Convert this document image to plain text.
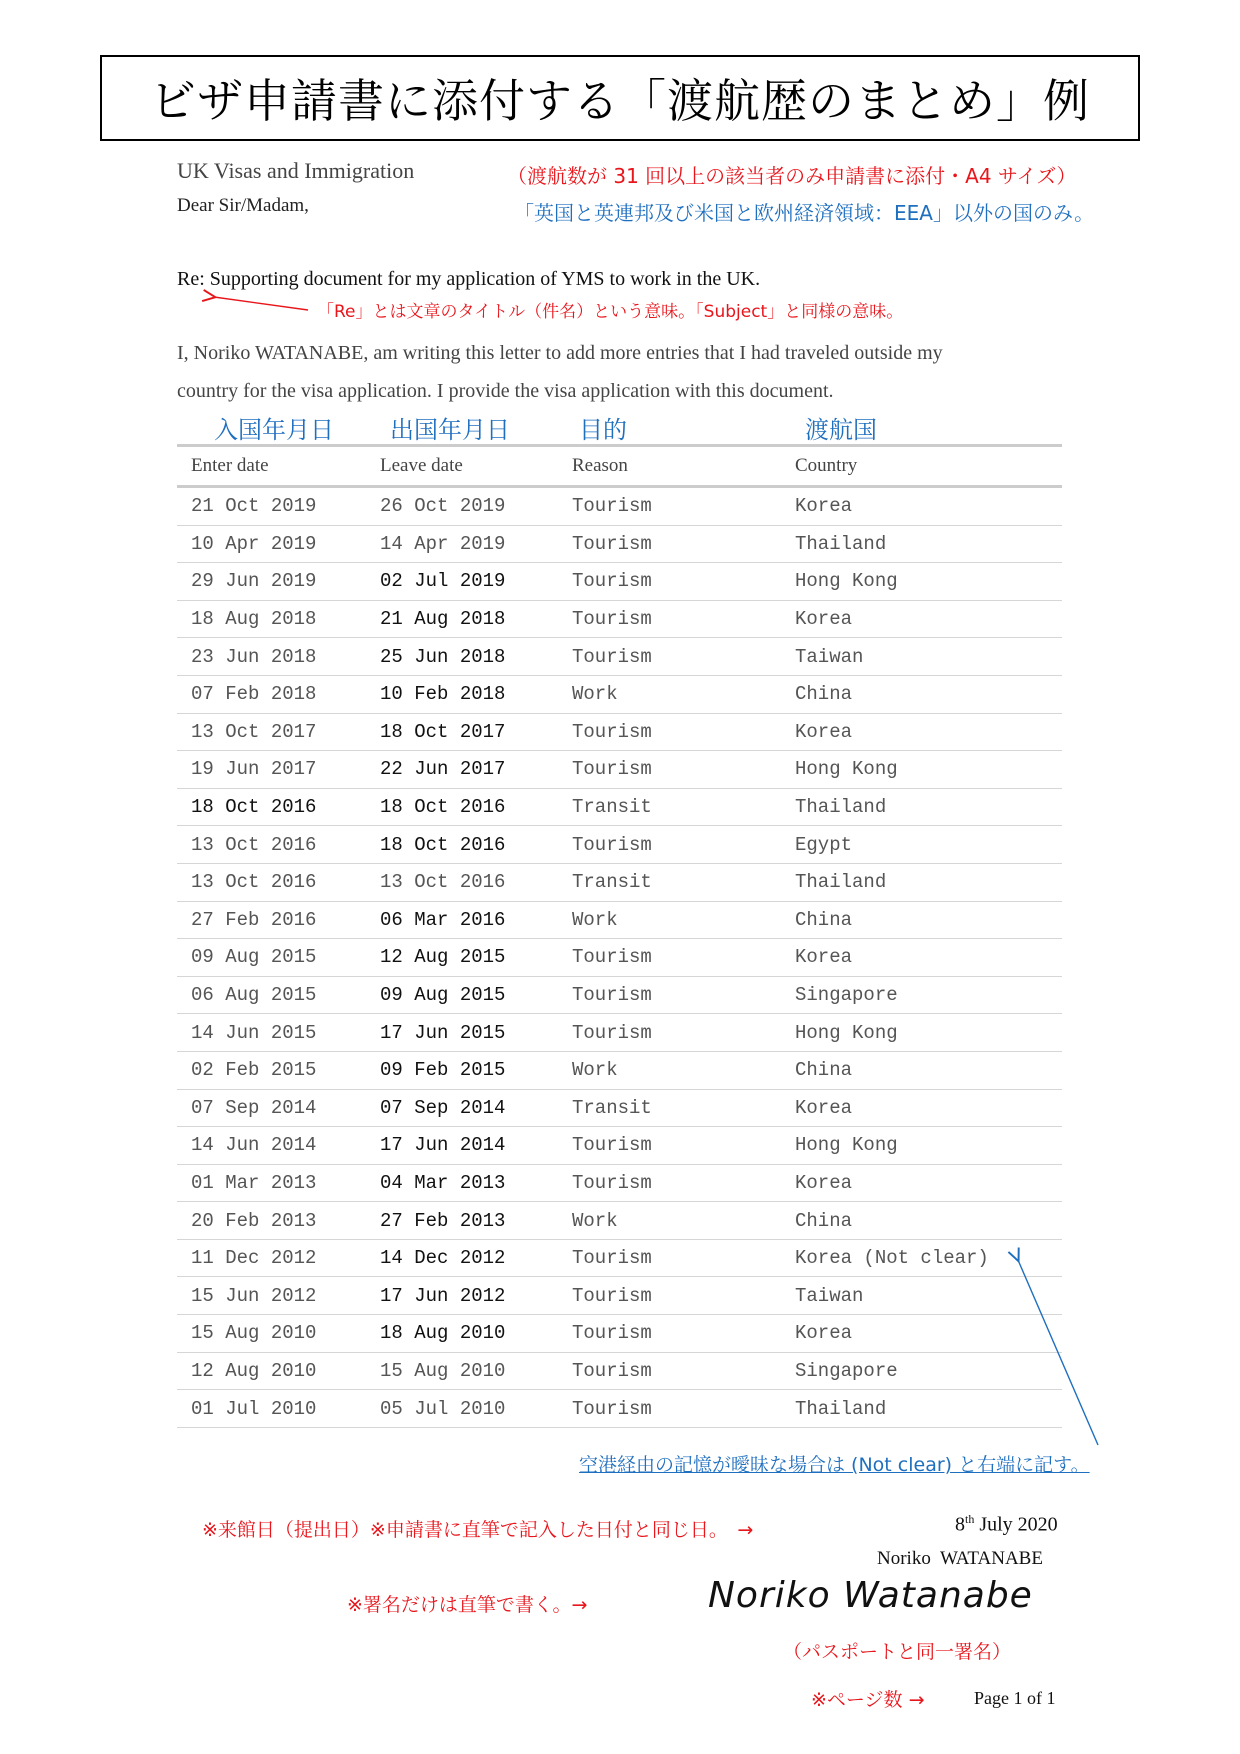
ビザ申請書に添付する「渡航歴のまとめ」例
UK Visas and Immigration
Dear Sir/Madam,
（渡航数が 31 回以上の該当者のみ申請書に添付・A4 サイズ）
「英国と英連邦及び米国と欧州経済領域：EEA」以外の国のみ。
Re: Supporting document for my application of YMS to work in the UK.
「Re」とは文章のタイトル（件名）という意味。「Subject」と同様の意味。
I, Noriko WATANABE, am writing this letter to add more entries that I had traveled outside my
country for the visa application. I provide the visa application with this document.
入国年月日 出国年月日	目的	渡航国
Enter date	Leave date	Reason	Country
21 Oct 2019	26 Oct 2019	Tourism	Korea
10 Apr 2019	14 Apr 2019	Tourism	Thailand
29 Jun 2019	02 Jul 2019	Tourism	Hong Kong
18 Aug 2018	21 Aug 2018	Tourism	Korea
23 Jun 2018	25 Jun 2018	Tourism	Taiwan
07 Feb 2018	10 Feb 2018	Work	China
13 Oct 2017	18 Oct 2017	Tourism	Korea
19 Jun 2017	22 Jun 2017	Tourism	Hong Kong
18 Oct 2016	18 Oct 2016	Transit	Thailand
13 Oct 2016	18 Oct 2016	Tourism	Egypt
13 Oct 2016	13 Oct 2016	Transit	Thailand
27 Feb 2016	06 Mar 2016	Work	China
09 Aug 2015	12 Aug 2015	Tourism	Korea
06 Aug 2015	09 Aug 2015	Tourism	Singapore
14 Jun 2015	17 Jun 2015	Tourism	Hong Kong
02 Feb 2015	09 Feb 2015	Work	China
07 Sep 2014	07 Sep 2014	Transit	Korea
14 Jun 2014	17 Jun 2014	Tourism	Hong Kong
01 Mar 2013	04 Mar 2013	Tourism	Korea
20 Feb 2013	27 Feb 2013	Work	China
11 Dec 2012	14 Dec 2012	Tourism	Korea (Not clear)
15 Jun 2012	17 Jun 2012	Tourism	Taiwan
15 Aug 2010	18 Aug 2010	Tourism	Korea
12 Aug 2010	15 Aug 2010	Tourism	Singapore
01 Jul 2010	05 Jul 2010	Tourism	Thailand
空港経由の記憶が曖昧な場合は (Not clear) と右端に記す。
※来館日（提出日）※申請書に直筆で記入した日付と同じ日。　→	8th July 2020
Noriko  WATANABE
※署名だけは直筆で書く。→	Noriko Watanabe
（パスポートと同一署名）
※ページ数 →	Page 1 of 1
